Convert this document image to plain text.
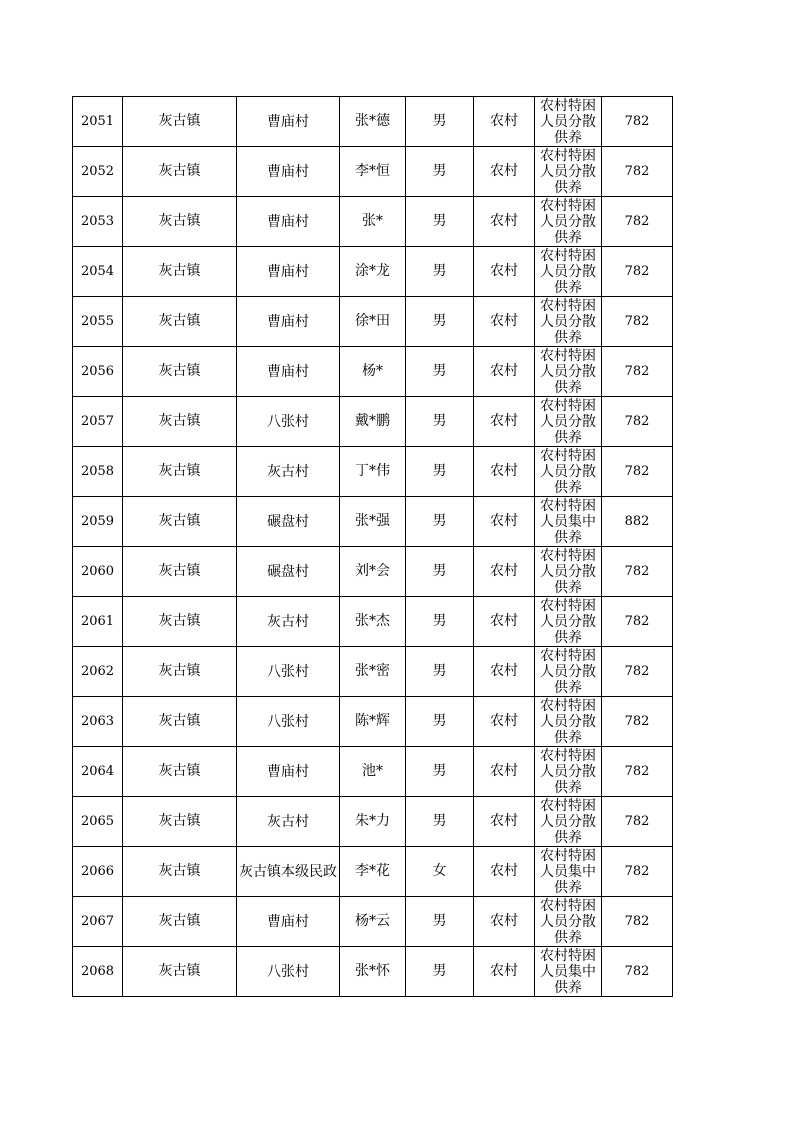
2051	灰古镇	曹庙村	张*德	男	农村	农村特困人员分散供养	782
2052	灰古镇	曹庙村	李*恒	男	农村	农村特困人员分散供养	782
2053	灰古镇	曹庙村	张*	男	农村	农村特困人员分散供养	782
2054	灰古镇	曹庙村	涂*龙	男	农村	农村特困人员分散供养	782
2055	灰古镇	曹庙村	徐*田	男	农村	农村特困人员分散供养	782
2056	灰古镇	曹庙村	杨*	男	农村	农村特困人员分散供养	782
2057	灰古镇	八张村	戴*鹏	男	农村	农村特困人员分散供养	782
2058	灰古镇	灰古村	丁*伟	男	农村	农村特困人员分散供养	782
2059	灰古镇	碾盘村	张*强	男	农村	农村特困人员集中供养	882
2060	灰古镇	碾盘村	刘*会	男	农村	农村特困人员分散供养	782
2061	灰古镇	灰古村	张*杰	男	农村	农村特困人员分散供养	782
2062	灰古镇	八张村	张*密	男	农村	农村特困人员分散供养	782
2063	灰古镇	八张村	陈*辉	男	农村	农村特困人员分散供养	782
2064	灰古镇	曹庙村	池*	男	农村	农村特困人员分散供养	782
2065	灰古镇	灰古村	朱*力	男	农村	农村特困人员分散供养	782
2066	灰古镇	灰古镇本级民政	李*花	女	农村	农村特困人员集中供养	782
2067	灰古镇	曹庙村	杨*云	男	农村	农村特困人员分散供养	782
2068	灰古镇	八张村	张*怀	男	农村	农村特困人员集中供养	782
